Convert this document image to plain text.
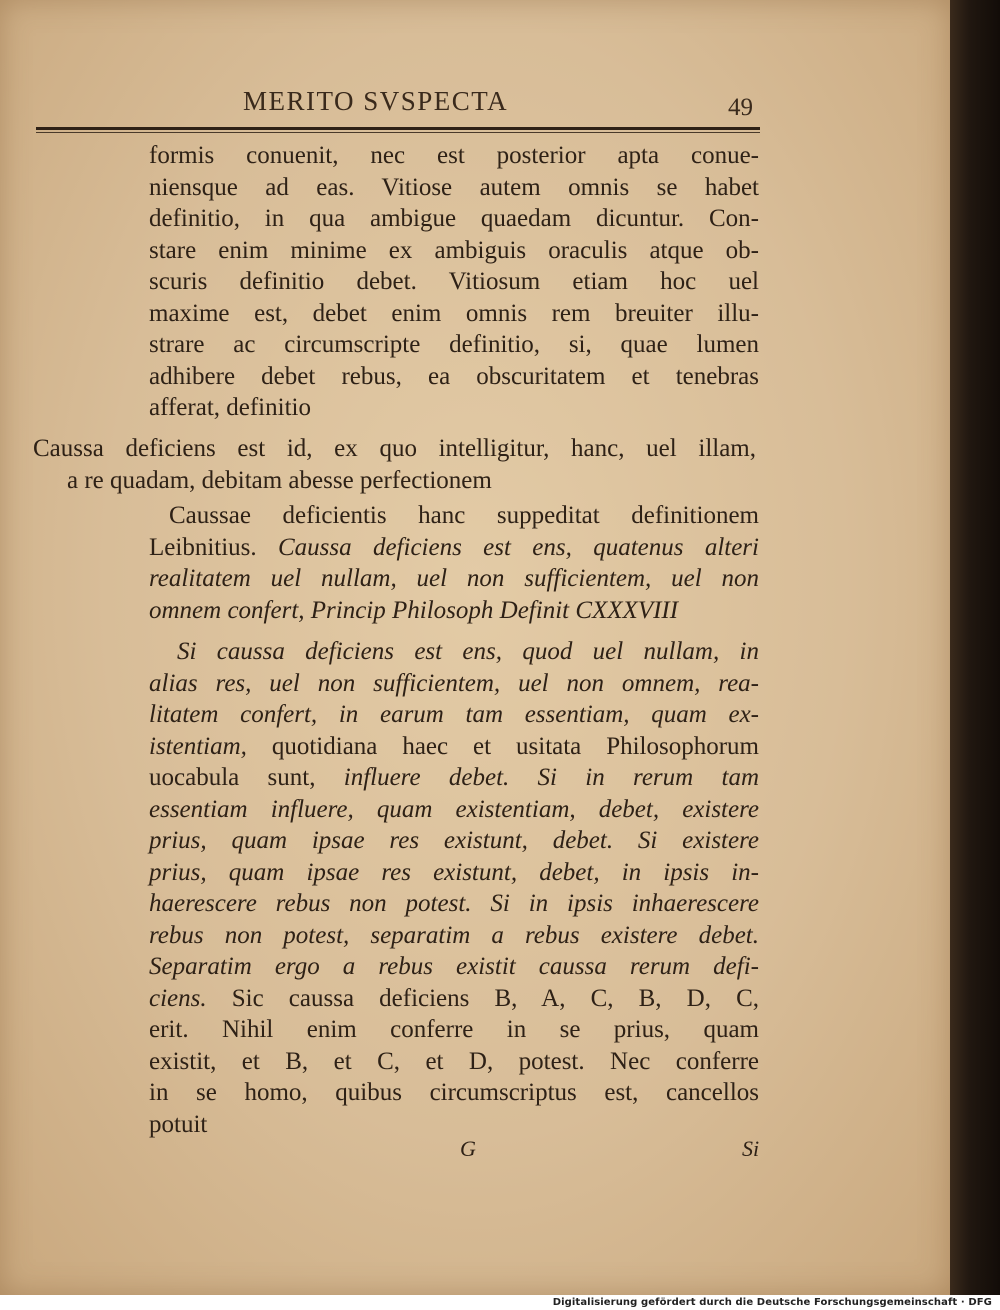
MERITO SVSPECTA	49
formis conuenit, nec est posterior apta conue-
niensque ad eas. Vitiose autem omnis se habet
definitio, in qua ambigue quaedam dicuntur. Con-
stare enim minime ex ambiguis oraculis atque ob-
scuris definitio debet. Vitiosum etiam hoc uel
maxime est, debet enim omnis rem breuiter illu-
strare ac circumscripte definitio, si, quae lumen
adhibere debet rebus, ea obscuritatem et tenebras
afferat, definitio
Caussa deficiens est id, ex quo intelligitur, hanc, uel illam,
a re quadam, debitam abesse perfectionem
Caussae deficientis hanc suppeditat definitionem
Leibnitius. Caussa deficiens est ens, quatenus alteri
realitatem uel nullam, uel non sufficientem, uel non
omnem confert, Princip Philosoph Definit CXXXVIII
Si caussa deficiens est ens, quod uel nullam, in
alias res, uel non sufficientem, uel non omnem, rea-
litatem confert, in earum tam essentiam, quam ex-
istentiam, quotidiana haec et usitata Philosophorum
uocabula sunt, influere debet. Si in rerum tam
essentiam influere, quam existentiam, debet, existere
prius, quam ipsae res existunt, debet. Si existere
prius, quam ipsae res existunt, debet, in ipsis in-
haerescere rebus non potest. Si in ipsis inhaerescere
rebus non potest, separatim a rebus existere debet.
Separatim ergo a rebus existit caussa rerum defi-
ciens. Sic caussa deficiens B, A, C, B, D, C,
erit. Nihil enim conferre in se prius, quam
existit, et B, et C, et D, potest. Nec conferre
in se homo, quibus circumscriptus est, cancellos
potuit
G	Si
Digitalisierung gefördert durch die Deutsche Forschungsgemeinschaft · DFG
